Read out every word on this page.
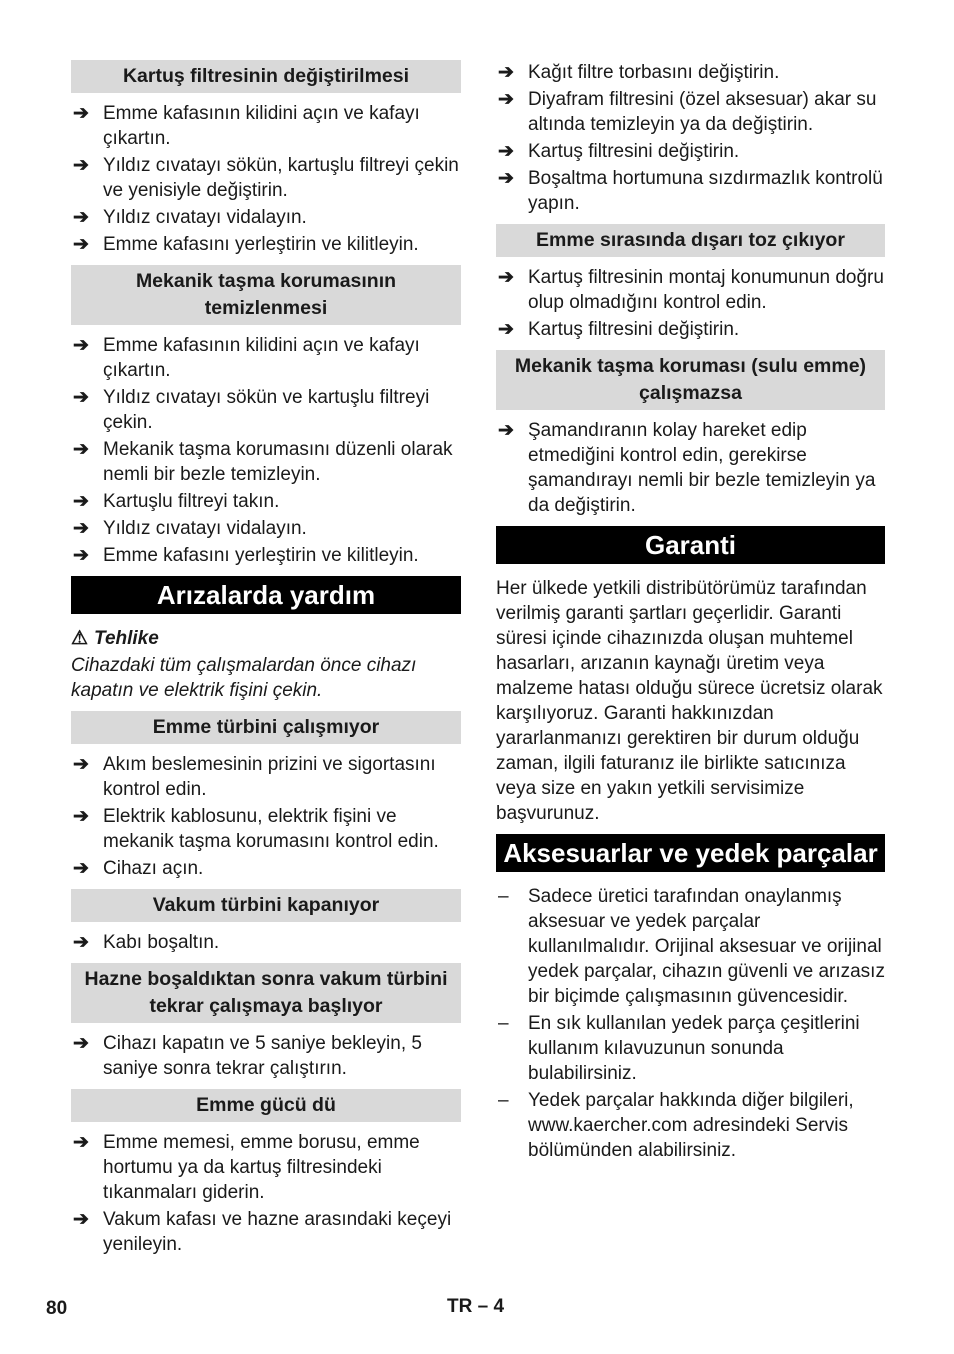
Kartuş filtresinin değiştirilmesi
➔ Emme kafasının kilidini açın ve kafayı çıkartın.
➔ Yıldız cıvatayı sökün, kartuşlu filtreyi çekin ve yenisiyle değiştirin.
➔ Yıldız cıvatayı vidalayın.
➔ Emme kafasını yerleştirin ve kilitleyin.
Mekanik taşma korumasının temizlenmesi
➔ Emme kafasının kilidini açın ve kafayı çıkartın.
➔ Yıldız cıvatayı sökün ve kartuşlu filtreyi çekin.
➔ Mekanik taşma korumasını düzenli olarak nemli bir bezle temizleyin.
➔ Kartuşlu filtreyi takın.
➔ Yıldız cıvatayı vidalayın.
➔ Emme kafasını yerleştirin ve kilitleyin.
Arızalarda yardım
⚠ Tehlike
Cihazdaki tüm çalışmalardan önce cihazı kapatın ve elektrik fişini çekin.
Emme türbini çalışmıyor
➔ Akım beslemesinin prizini ve sigortasını kontrol edin.
➔ Elektrik kablosunu, elektrik fişini ve mekanik taşma korumasını kontrol edin.
➔ Cihazı açın.
Vakum türbini kapanıyor
➔ Kabı boşaltın.
Hazne boşaldıktan sonra vakum türbini tekrar çalışmaya başlıyor
➔ Cihazı kapatın ve 5 saniye bekleyin, 5 saniye sonra tekrar çalıştırın.
Emme gücü dü
➔ Emme memesi, emme borusu, emme hortumu ya da kartuş filtresindeki tıkanmaları giderin.
➔ Vakum kafası ve hazne arasındaki keçeyi yenileyin.
➔ Kağıt filtre torbasını değiştirin.
➔ Diyafram filtresini (özel aksesuar) akar su altında temizleyin ya da değiştirin.
➔ Kartuş filtresini değiştirin.
➔ Boşaltma hortumuna sızdırmazlık kontrolü yapın.
Emme sırasında dışarı toz çıkıyor
➔ Kartuş filtresinin montaj konumunun doğru olup olmadığını kontrol edin.
➔ Kartuş filtresini değiştirin.
Mekanik taşma koruması (sulu emme) çalışmazsa
➔ Şamandıranın kolay hareket edip etmediğini kontrol edin, gerekirse şamandırayı nemli bir bezle temizleyin ya da değiştirin.
Garanti

Her ülkede yetkili distribütörümüz tarafından verilmiş garanti şartları geçerlidir. Garanti süresi içinde cihazınızda oluşan muhtemel hasarları, arızanın kaynağı üretim veya malzeme hatası olduğu sürece ücretsiz olarak karşılıyoruz. Garanti hakkınızdan yararlanmanızı gerektiren bir durum olduğu zaman, ilgili faturanız ile birlikte satıcınıza veya size en yakın yetkili servisimize başvurunuz.

Aksesuarlar ve yedek parçalar
– Sadece üretici tarafından onaylanmış aksesuar ve yedek parçalar kullanılmalıdır. Orijinal aksesuar ve orijinal yedek parçalar, cihazın güvenli ve arızasız bir biçimde çalışmasının güvencesidir.
– En sık kullanılan yedek parça çeşitlerini kullanım kılavuzunun sonunda bulabilirsiniz.
– Yedek parçalar hakkında diğer bilgileri, www.kaercher.com adresindeki Servis bölümünden alabilirsiniz.
80	TR – 4
